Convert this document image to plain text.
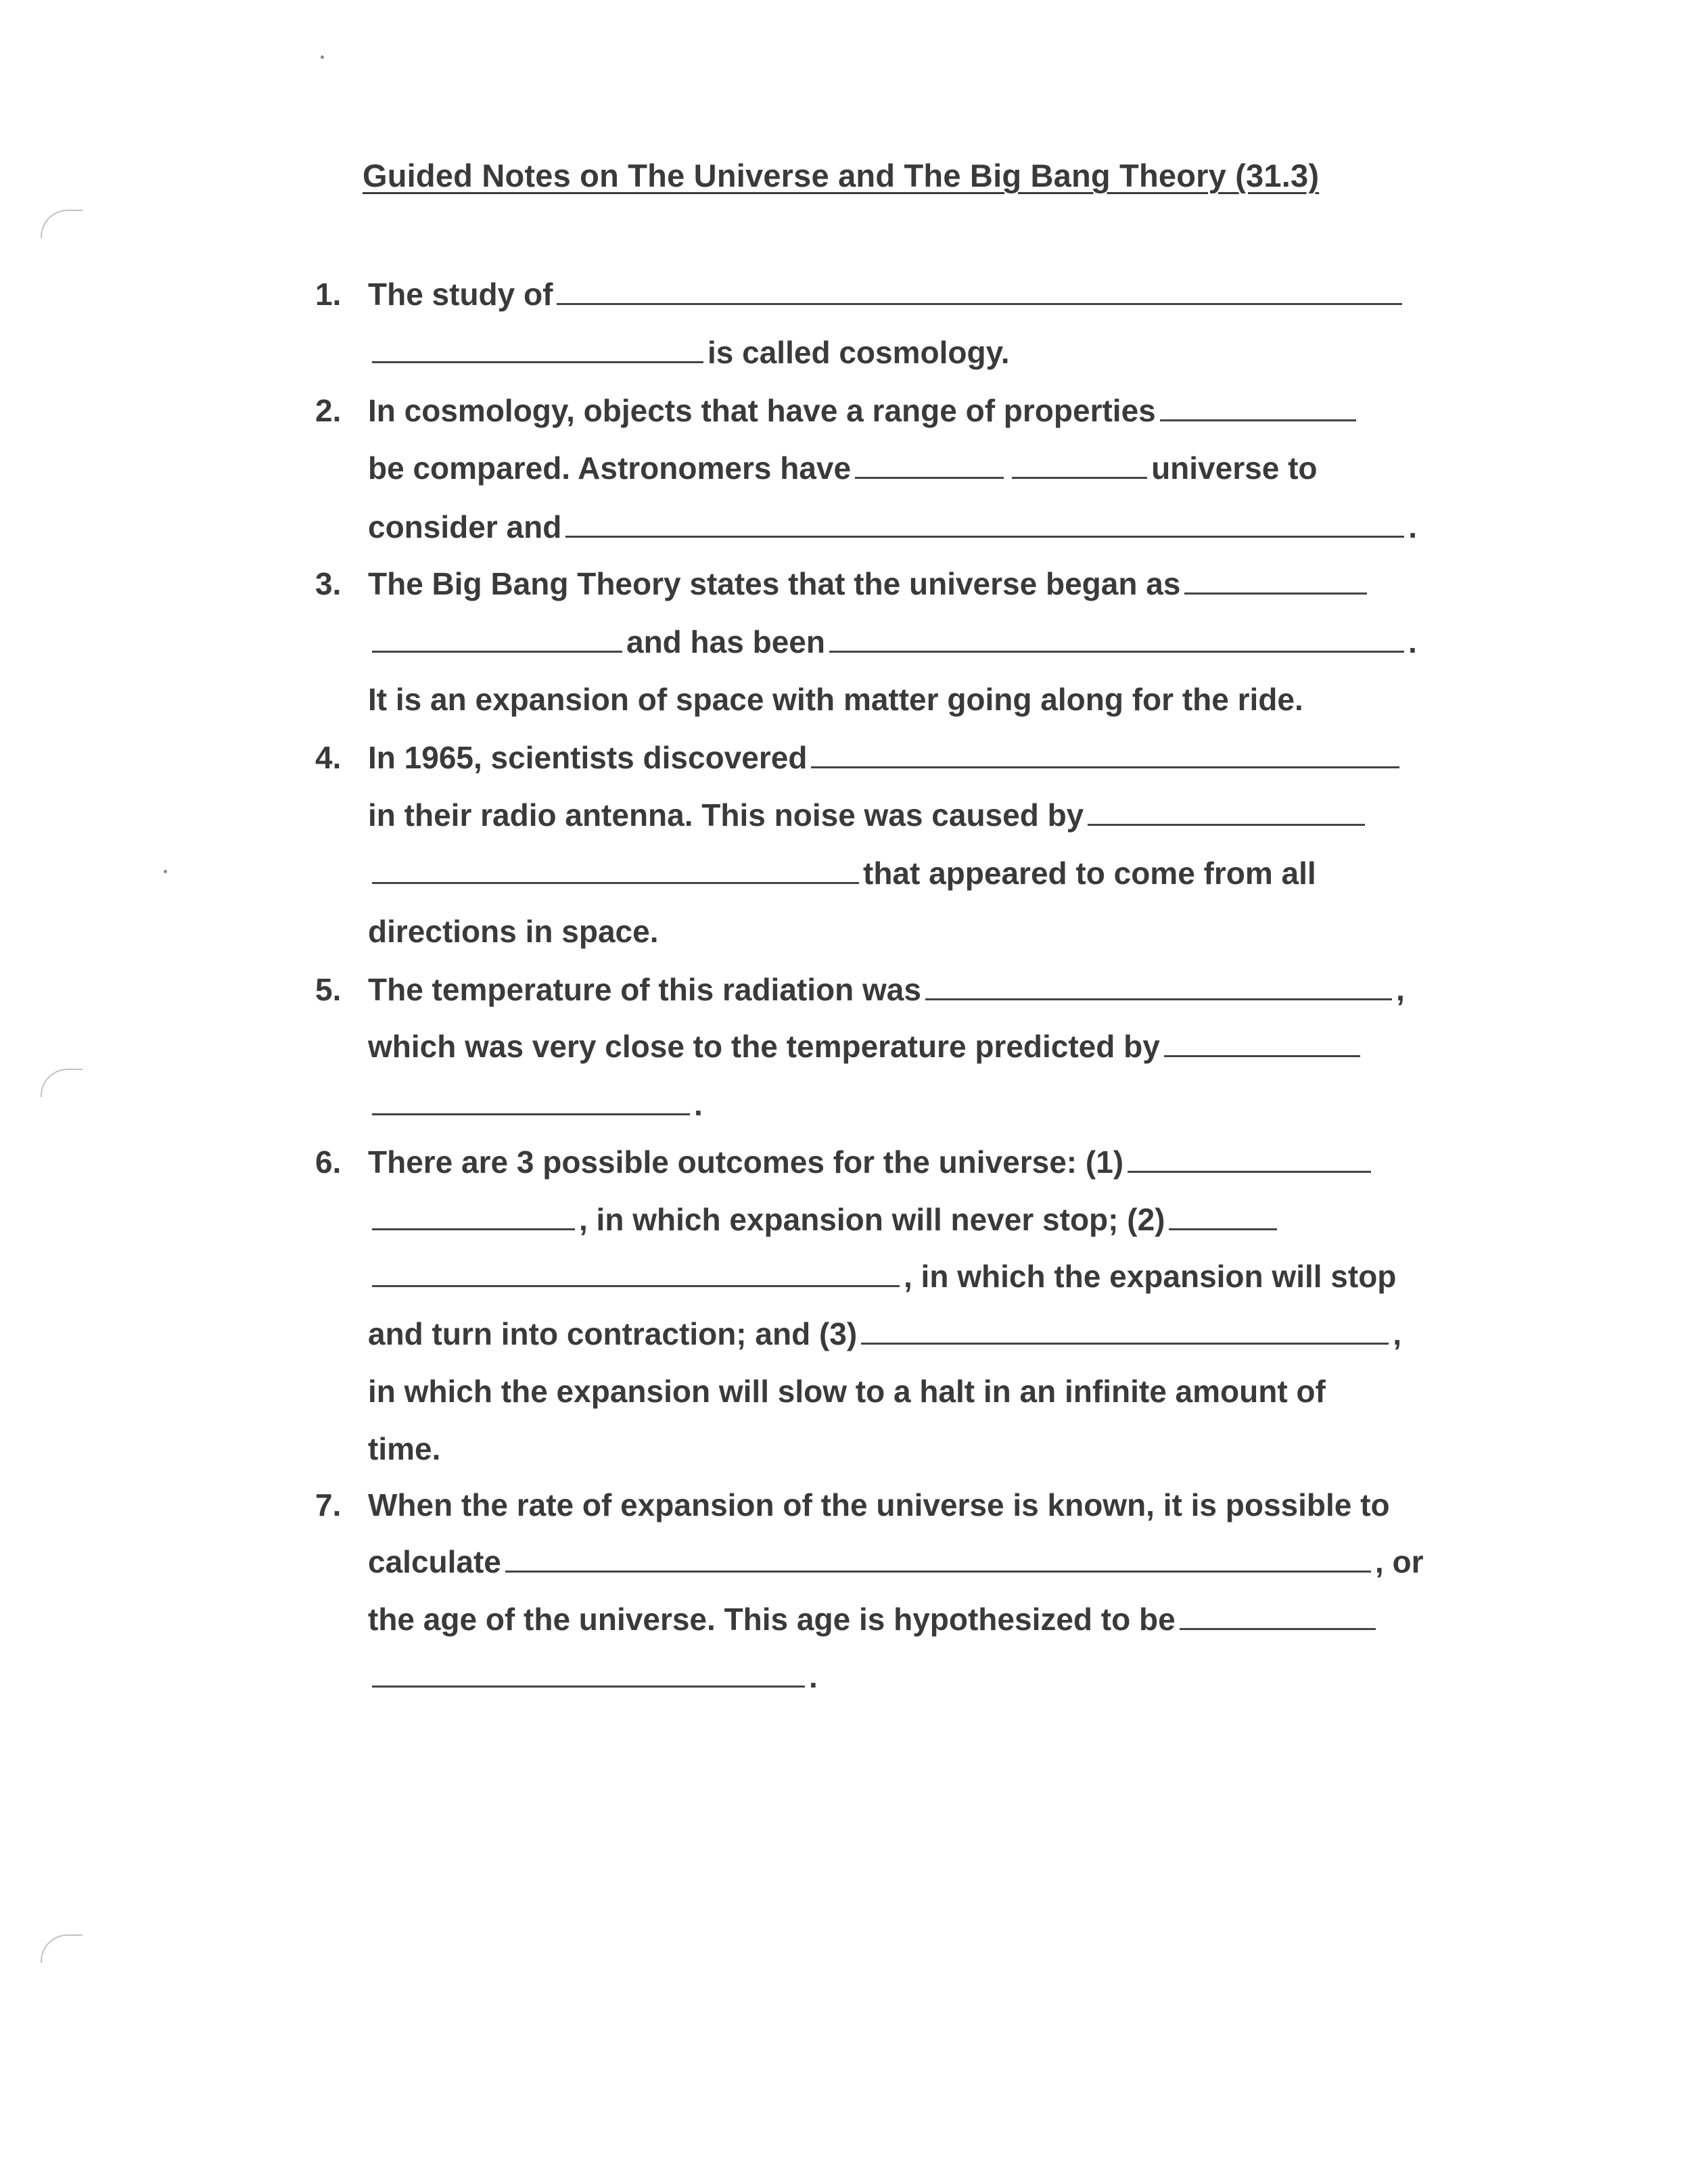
Guided Notes on The Universe and The Big Bang Theory (31.3)
1. The study of
is called cosmology.
2. In cosmology, objects that have a range of properties
be compared. Astronomers have	universe to
consider and	.
3. The Big Bang Theory states that the universe began as
and has been	.
It is an expansion of space with matter going along for the ride.
4. In 1965, scientists discovered
in their radio antenna. This noise was caused by
that appeared to come from all
directions in space.
5. The temperature of this radiation was	,
which was very close to the temperature predicted by
.
6. There are 3 possible outcomes for the universe: (1)
, in which expansion will never stop; (2)
, in which the expansion will stop
and turn into contraction; and (3)	,
in which the expansion will slow to a halt in an infinite amount of
time.
7. When the rate of expansion of the universe is known, it is possible to
calculate	, or
the age of the universe. This age is hypothesized to be
.
